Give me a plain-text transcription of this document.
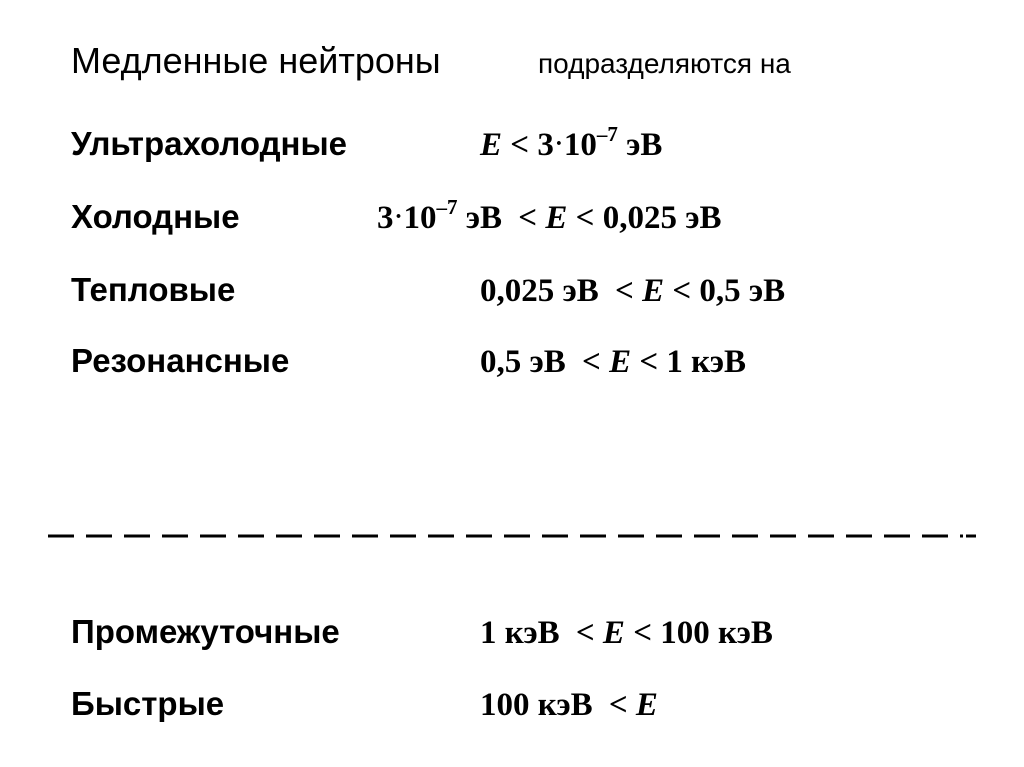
Медленные нейтроны	подразделяются на
Ультрахолодные	$E < 3\cdot 10^{-7}$ эВ
Холодные	$3\cdot 10^{-7}$ эВ < E < 0,025 эВ
Тепловые	0,025 эВ < E < 0,5 эВ
Резонансные	0,5 эВ < E < 1 кэВ
Промежуточные	1 кэВ < E < 100 кэВ
Быстрые	100 кэВ < E
